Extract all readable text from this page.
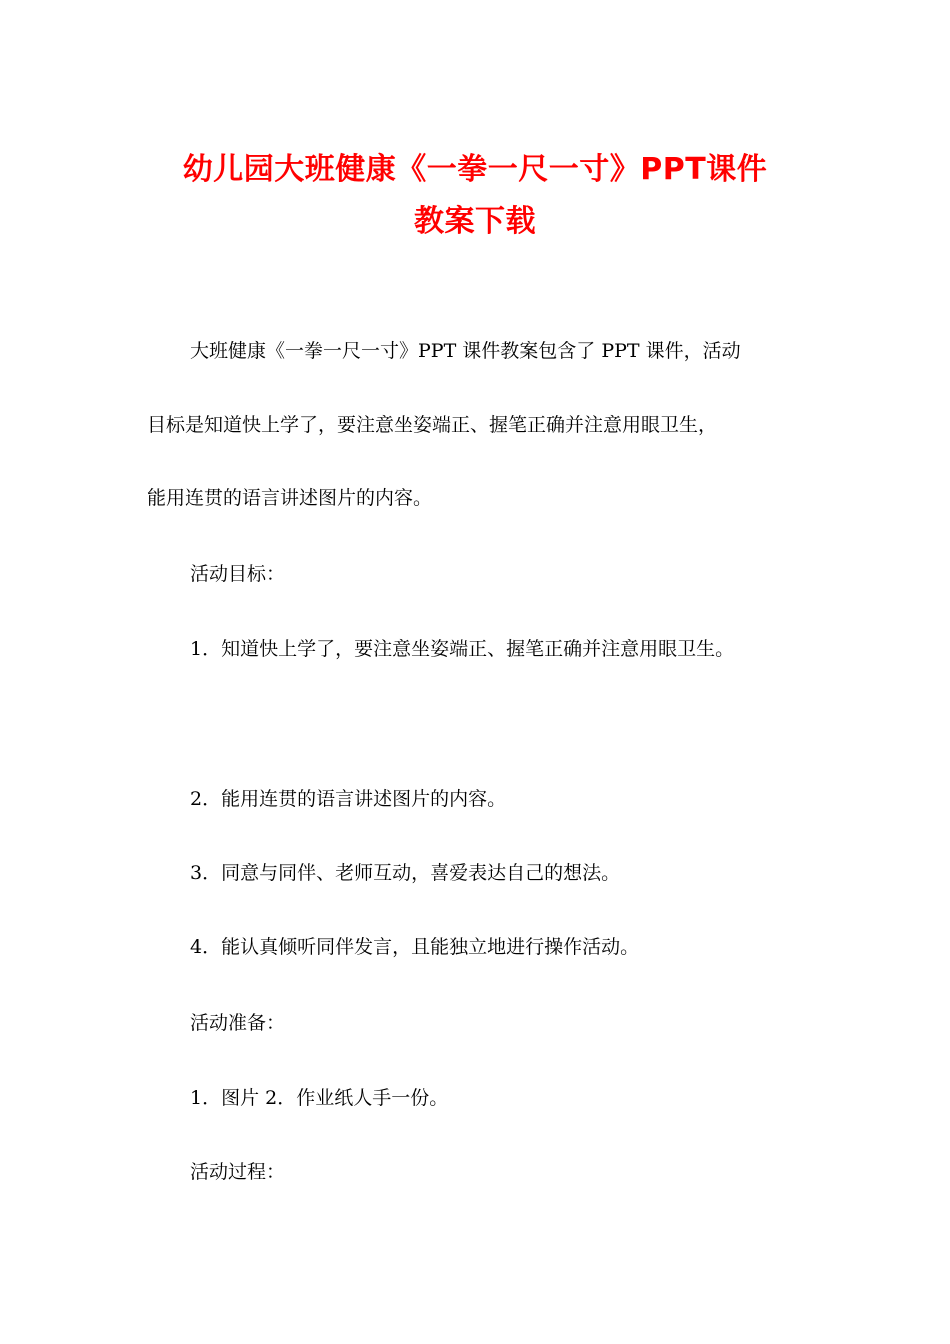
幼儿园大班健康《一拳一尺一寸》PPT课件
教案下载
大班健康《一拳一尺一寸》PPT 课件教案包含了 PPT 课件，活动
目标是知道快上学了，要注意坐姿端正、握笔正确并注意用眼卫生，
能用连贯的语言讲述图片的内容。
活动目标：
1．知道快上学了，要注意坐姿端正、握笔正确并注意用眼卫生。
2．能用连贯的语言讲述图片的内容。
3．同意与同伴、老师互动，喜爱表达自己的想法。
4．能认真倾听同伴发言，且能独立地进行操作活动。
活动准备：
1．图片 2．作业纸人手一份。
活动过程：
